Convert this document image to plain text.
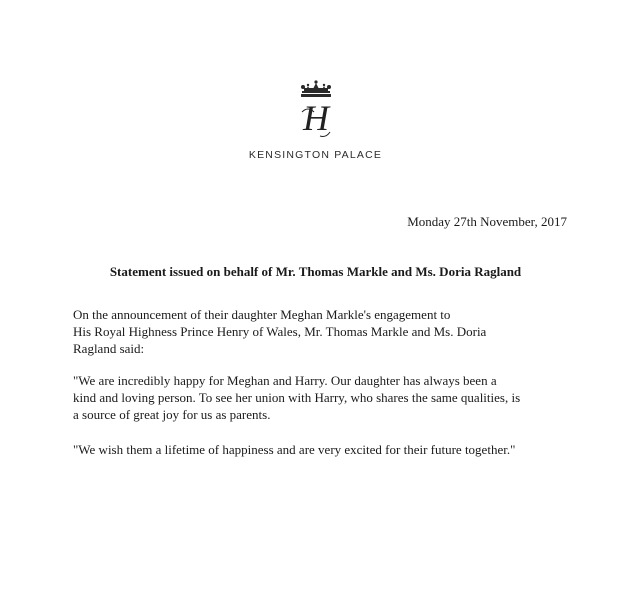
H
KENSINGTON PALACE
Monday 27th November, 2017
Statement issued on behalf of Mr. Thomas Markle and Ms. Doria Ragland

On the announcement of their daughter Meghan Markle's engagement to
His Royal Highness Prince Henry of Wales, Mr. Thomas Markle and Ms. Doria
Ragland said:

"We are incredibly happy for Meghan and Harry. Our daughter has always been a
kind and loving person. To see her union with Harry, who shares the same qualities, is
a source of great joy for us as parents.

"We wish them a lifetime of happiness and are very excited for their future together."
